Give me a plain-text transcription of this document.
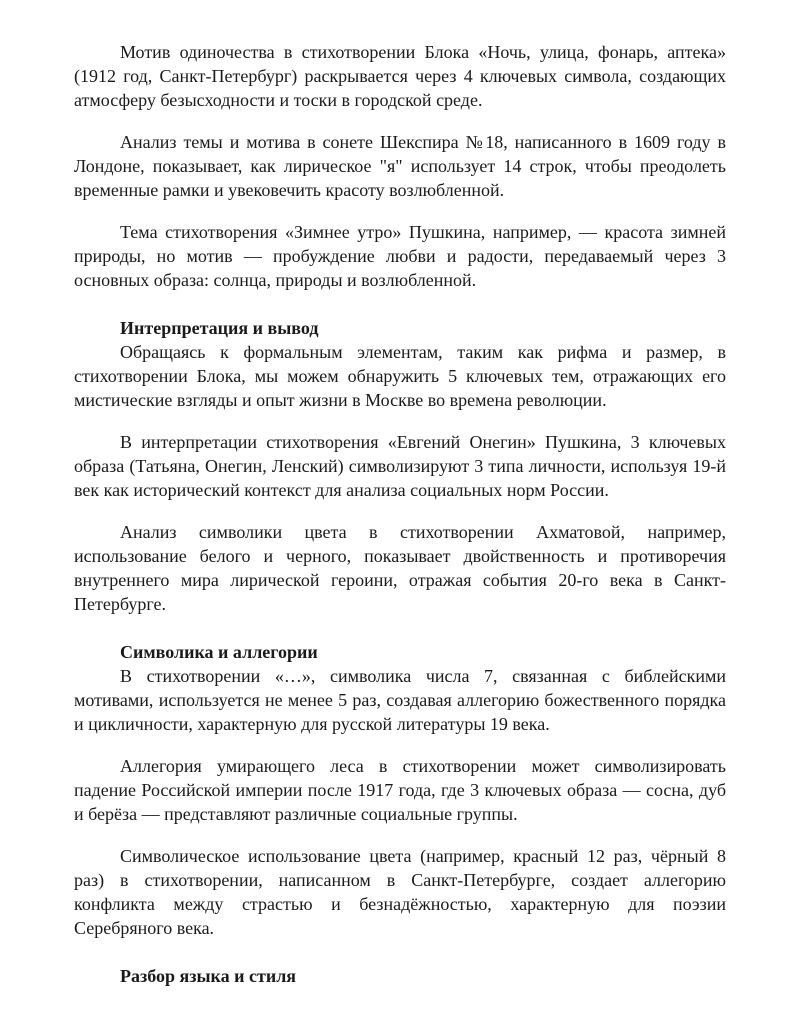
Мотив одиночества в стихотворении Блока «Ночь, улица, фонарь, аптека» (1912 год, Санкт-Петербург) раскрывается через 4 ключевых символа, создающих атмосферу безысходности и тоски в городской среде.

Анализ темы и мотива в сонете Шекспира №18, написанного в 1609 году в Лондоне, показывает, как лирическое "я" использует 14 строк, чтобы преодолеть временные рамки и увековечить красоту возлюбленной.

Тема стихотворения «Зимнее утро» Пушкина, например, — красота зимней природы, но мотив — пробуждение любви и радости, передаваемый через 3 основных образа: солнца, природы и возлюбленной.

Интерпретация и вывод

Обращаясь к формальным элементам, таким как рифма и размер, в стихотворении Блока, мы можем обнаружить 5 ключевых тем, отражающих его мистические взгляды и опыт жизни в Москве во времена революции.

В интерпретации стихотворения «Евгений Онегин» Пушкина, 3 ключевых образа (Татьяна, Онегин, Ленский) символизируют 3 типа личности, используя 19-й век как исторический контекст для анализа социальных норм России.

Анализ символики цвета в стихотворении Ахматовой, например, использование белого и черного, показывает двойственность и противоречия внутреннего мира лирической героини, отражая события 20-го века в Санкт-Петербурге.

Символика и аллегории

В стихотворении «…», символика числа 7, связанная с библейскими мотивами, используется не менее 5 раз, создавая аллегорию божественного порядка и цикличности, характерную для русской литературы 19 века.

Аллегория умирающего леса в стихотворении может символизировать падение Российской империи после 1917 года, где 3 ключевых образа — сосна, дуб и берёза — представляют различные социальные группы.

Символическое использование цвета (например, красный 12 раз, чёрный 8 раз) в стихотворении, написанном в Санкт-Петербурге, создает аллегорию конфликта между страстью и безнадёжностью, характерную для поэзии Серебряного века.

Разбор языка и стиля
